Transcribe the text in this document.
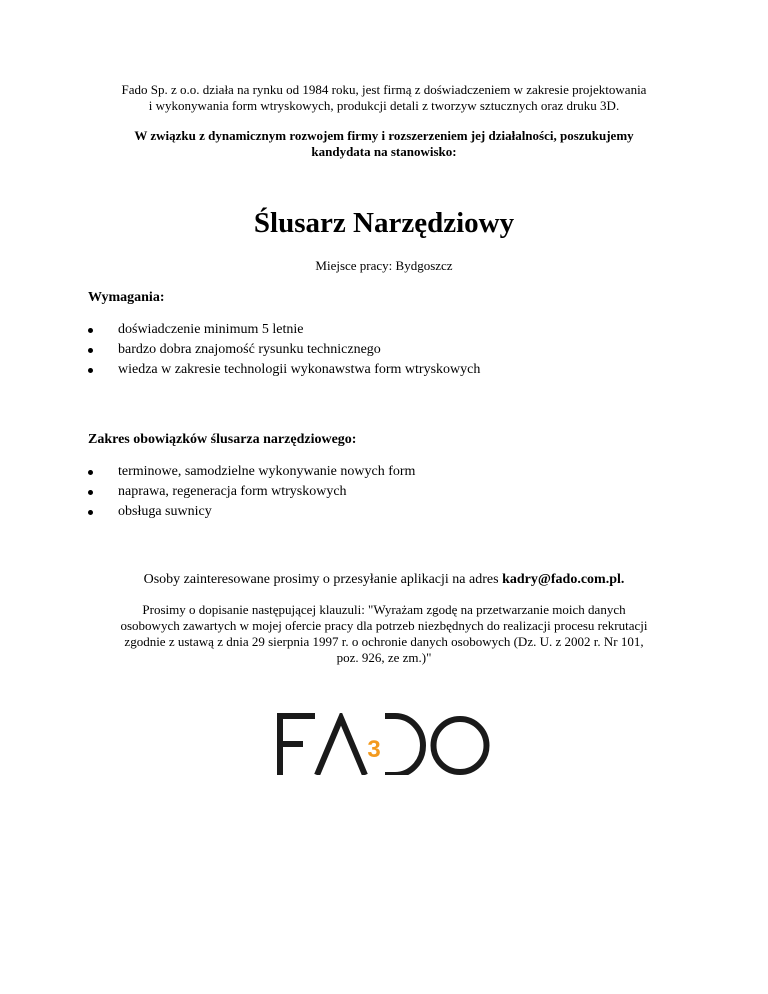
Fado Sp. z o.o. działa na rynku od 1984 roku, jest firmą z doświadczeniem w zakresie projektowania
i wykonywania form wtryskowych, produkcji detali z tworzyw sztucznych oraz druku 3D.
W związku z dynamicznym rozwojem firmy i rozszerzeniem jej działalności, poszukujemy
kandydata na stanowisko:
Ślusarz Narzędziowy
Miejsce pracy: Bydgoszcz
Wymagania:
doświadczenie minimum 5 letnie
bardzo dobra znajomość rysunku technicznego
wiedza w zakresie technologii wykonawstwa form wtryskowych
Zakres obowiązków ślusarza narzędziowego:
terminowe, samodzielne wykonywanie nowych form
naprawa, regeneracja form wtryskowych
obsługa suwnicy
Osoby zainteresowane prosimy o przesyłanie aplikacji na adres kadry@fado.com.pl.
Prosimy o dopisanie następującej klauzuli: "Wyrażam zgodę na przetwarzanie moich danych
osobowych zawartych w mojej ofercie pracy dla potrzeb niezbędnych do realizacji procesu rekrutacji
zgodnie z ustawą z dnia 29 sierpnia 1997 r. o ochronie danych osobowych (Dz. U. z 2002 r. Nr 101,
poz. 926, ze zm.)"
3
